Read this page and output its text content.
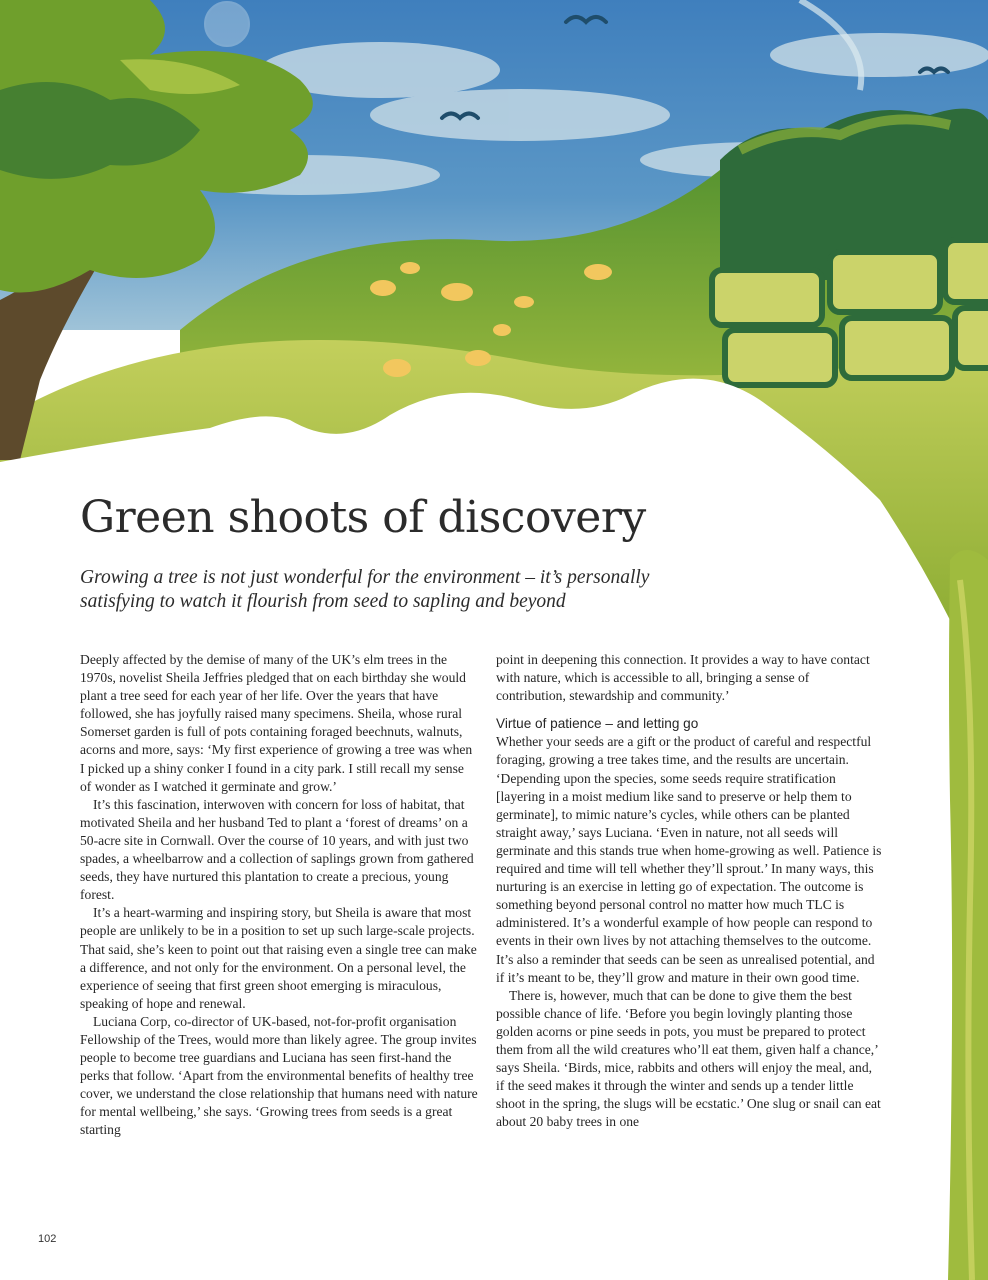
Green shoots of discovery

Growing a tree is not just wonderful for the environment – it’s personally satisfying to watch it flourish from seed to sapling and beyond

Deeply affected by the demise of many of the UK’s elm trees in the 1970s, novelist Sheila Jeffries pledged that on each birthday she would plant a tree seed for each year of her life. Over the years that have followed, she has joyfully raised many specimens. Sheila, whose rural Somerset garden is full of pots containing foraged beechnuts, walnuts, acorns and more, says: ‘My first experience of growing a tree was when I picked up a shiny conker I found in a city park. I still recall my sense of wonder as I watched it germinate and grow.’

It’s this fascination, interwoven with concern for loss of habitat, that motivated Sheila and her husband Ted to plant a ‘forest of dreams’ on a 50-acre site in Cornwall. Over the course of 10 years, and with just two spades, a wheelbarrow and a collection of saplings grown from gathered seeds, they have nurtured this plantation to create a precious, young forest.

It’s a heart-warming and inspiring story, but Sheila is aware that most people are unlikely to be in a position to set up such large-scale projects. That said, she’s keen to point out that raising even a single tree can make a difference, and not only for the environment. On a personal level, the experience of seeing that first green shoot emerging is miraculous, speaking of hope and renewal.

Luciana Corp, co-director of UK-based, not-for-profit organisation Fellowship of the Trees, would more than likely agree. The group invites people to become tree guardians and Luciana has seen first-hand the perks that follow. ‘Apart from the environmental benefits of healthy tree cover, we understand the close relationship that humans need with nature for mental wellbeing,’ she says. ‘Growing trees from seeds is a great starting

point in deepening this connection. It provides a way to have contact with nature, which is accessible to all, bringing a sense of contribution, stewardship and community.’

Virtue of patience – and letting go

Whether your seeds are a gift or the product of careful and respectful foraging, growing a tree takes time, and the results are uncertain. ‘Depending upon the species, some seeds require stratification [layering in a moist medium like sand to preserve or help them to germinate], to mimic nature’s cycles, while others can be planted straight away,’ says Luciana. ‘Even in nature, not all seeds will germinate and this stands true when home-growing as well. Patience is required and time will tell whether they’ll sprout.’ In many ways, this nurturing is an exercise in letting go of expectation. The outcome is something beyond personal control no matter how much TLC is administered. It’s a wonderful example of how people can respond to events in their own lives by not attaching themselves to the outcome. It’s also a reminder that seeds can be seen as unrealised potential, and if it’s meant to be, they’ll grow and mature in their own good time.

There is, however, much that can be done to give them the best possible chance of life. ‘Before you begin lovingly planting those golden acorns or pine seeds in pots, you must be prepared to protect them from all the wild creatures who’ll eat them, given half a chance,’ says Sheila. ‘Birds, mice, rabbits and others will enjoy the meal, and, if the seed makes it through the winter and sends up a tender little shoot in the spring, the slugs will be ecstatic.’ One slug or snail can eat about 20 baby trees in one

102
